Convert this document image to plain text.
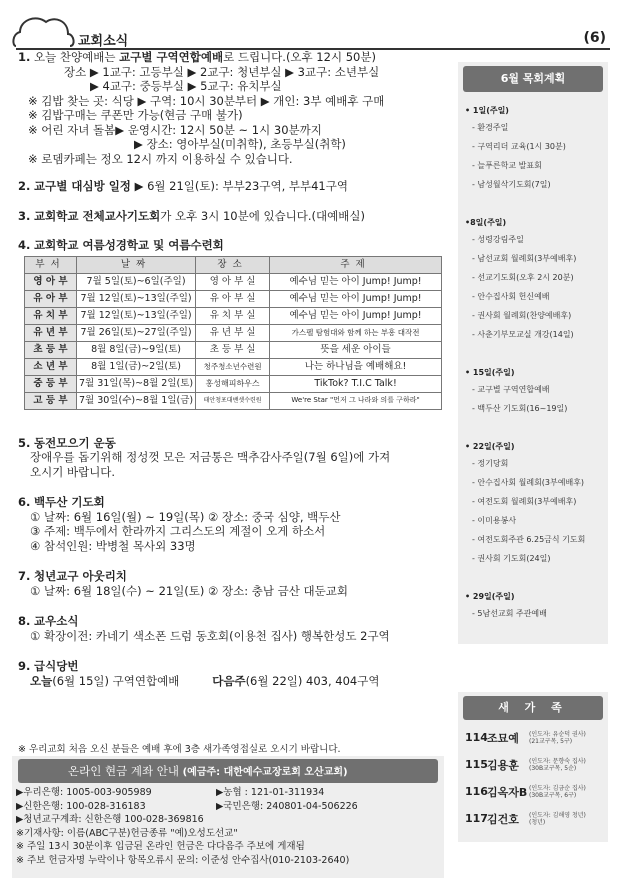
교회소식	(6)
1. 오늘 찬양예배는 교구별 구역연합예배로 드립니다.(오후 12시 50분)
장소 ▶ 1교구: 고등부실 ▶ 2교구: 청년부실 ▶ 3교구: 소년부실
▶ 4교구: 중등부실 ▶ 5교구: 유치부실
※ 김밥 찾는 곳: 식당 ▶ 구역: 10시 30분부터 ▶ 개인: 3부 예배후 구매
※ 김밥구매는 쿠폰만 가능(현금 구매 불가)
※ 어린 자녀 돌봄▶ 운영시간: 12시 50분 ~ 1시 30분까지
▶ 장소: 영아부실(미취학), 초등부실(취학)
※ 로뎀카페는 정오 12시 까지 이용하실 수 있습니다.
2. 교구별 대심방 일정 ▶ 6월 21일(토): 부부23구역, 부부41구역
3. 교회학교 전체교사기도회가 오후 3시 10분에 있습니다.(대예배실)
4. 교회학교 여름성경학교 및 여름수련회
부서	날짜	장소	주제
영 아 부	7월 5일(토)~6일(주일)	영 아 부 실	예수님 믿는 아이 Jump! Jump!
유 아 부	7월 12일(토)~13일(주일)	유 아 부 실	예수님 믿는 아이 Jump! Jump!
유 치 부	7월 12일(토)~13일(주일)	유 치 부 실	예수님 믿는 아이 Jump! Jump!
유 년 부	7월 26일(토)~27일(주일)	유 년 부 실	가스펠 탐험대와 함께 하는 부흥 대작전
초 등 부	8월 8일(금)~9일(토)	초 등 부 실	뜻을 세운 아이들
소 년 부	8월 1일(금)~2일(토)	청주청소년수련원	나는 하나님을 예배해요!
중 등 부	7월 31일(목)~8월 2일(토)	홍성해피하우스	TikTok? T.I.C Talk!
고 등 부	7월 30일(수)~8월 1일(금)	태안청포대밴셋수련원	We're Star "먼저 그 나라와 의를 구하라"
5. 동전모으기 운동
장애우를 돕기위해 정성껏 모은 저금통은 맥추감사주일(7월 6일)에 가져
오시기 바랍니다.
6. 백두산 기도회
① 날짜: 6월 16일(월) ~ 19일(목) ② 장소: 중국 심양, 백두산
③ 주제: 백두에서 한라까지 그리스도의 계절이 오게 하소서
④ 참석인원: 박병철 목사외 33명
7. 청년교구 아웃리치
① 날짜: 6월 18일(수) ~ 21일(토) ② 장소: 충남 금산 대둔교회
8. 교우소식
① 확장이전: 카네기 색소폰 드럼 동호회(이용천 집사) 행복한성도 2구역
9. 급식당번
오늘(6월 15일) 구역연합예배	다음주(6월 22일) 403, 404구역
※ 우리교회 처음 오신 분들은 예배 후에 3층 새가족영접실로 오시기 바랍니다.
온라인 현금 계좌 안내 (예금주: 대한예수교장로회 오산교회)
▶우리은행: 1005-003-905989	▶농협 : 121-01-311934
▶신한은행: 100-028-316183	▶국민은행: 240801-04-506226
▶청년교구계좌: 신한은행 100-028-369816
※기재사항: 이름(ABC구분)헌금종류 "예)오성도선교"
※ 주일 13시 30분이후 입금된 온라인 헌금은 다다음주 주보에 게재됨
※ 주보 헌금자명 누락이나 항목오류시 문의: 이준성 안수집사(010-2103-2640)
6월 목회계획
• 1일(주일)
- 환경주일
- 구역리더 교육(1시 30분)
- 늘푸른학교 발표회
- 남성월삭기도회(7일)
•8일(주일)
- 성령강림주일
- 남선교회 월례회(3부예배후)
- 선교기도회(오후 2시 20분)
- 안수집사회 헌신예배
- 권사회 월례회(찬양예배후)
- 사춘기부모교실 개강(14일)
• 15일(주일)
- 교구별 구역연합예배
- 백두산 기도회(16~19일)
• 22일(주일)
- 정기당회
- 안수집사회 월례회(3부예배후)
- 여전도회 월례회(3부예배후)
- 이미용봉사
- 여전도회주관 6.25금식 기도회
- 권사회 기도회(24일)
• 29일(주일)
- 5남선교회 주관예배
새 가 족
114 조묘예	(인도자: 유순덕 권사)
(21교구목, 5구)
115 김용훈	(인도자: 문향숙 집사)
(30B교구목, 5순)
116 김옥자B (인도자: 김금순 집사)
(30B교구목, 6구)
117 김건호	(인도자: 김해영 청년)
(청년)
